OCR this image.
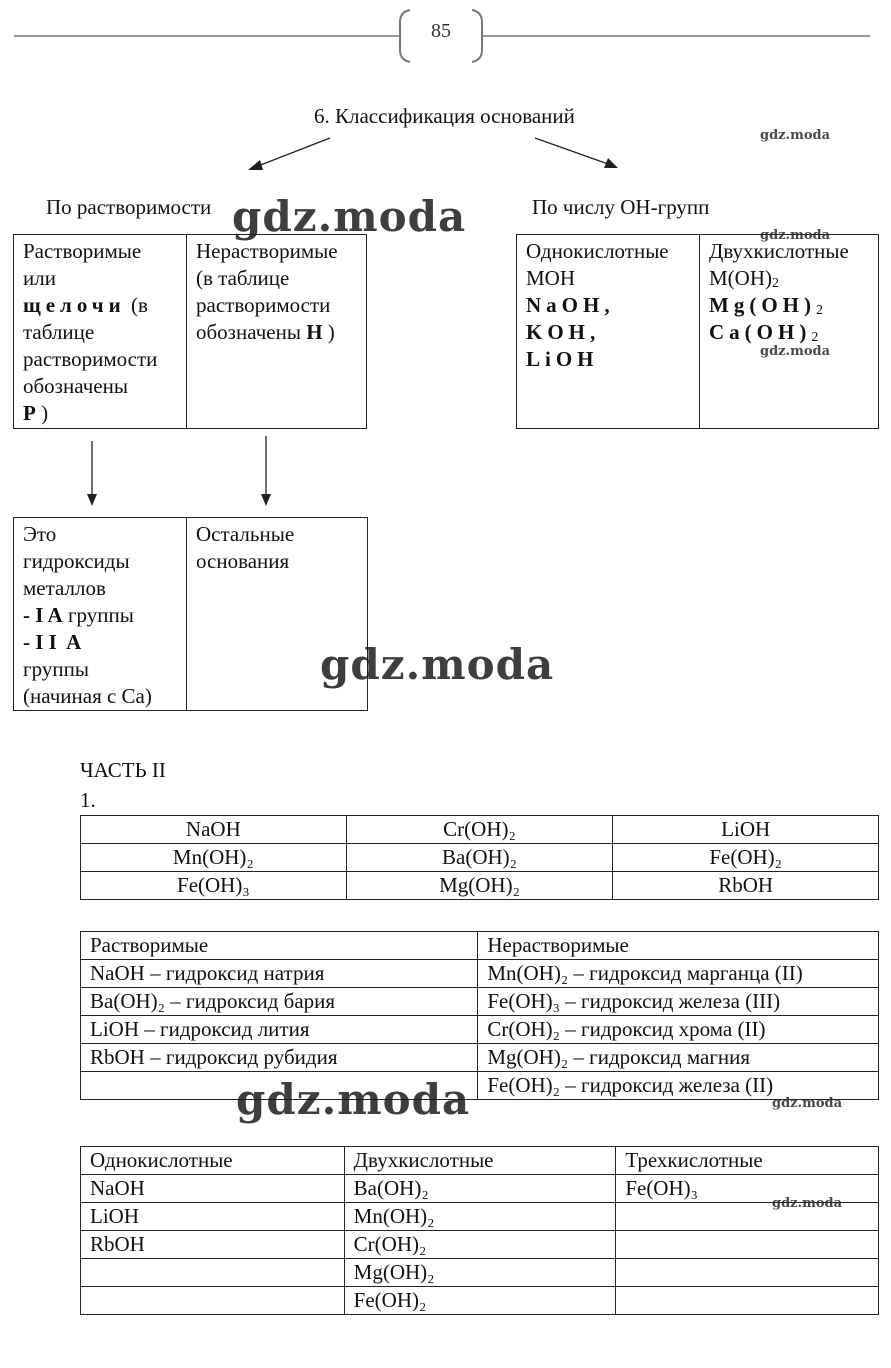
85
6. Классификация оснований
По растворимости	По числу ОН-групп
Растворимые
или
щелочи (в
таблице
растворимости
обозначены
Р )
Нерастворимые
(в таблице
растворимости
обозначены Н )
Однокислотные
МОН
NaOH,
KOH,
LiOH
Двухкислотные
$М(ОН)_2$
$Mg(OH)_2$
$Ca(OH)_2$
Это
гидроксиды
металлов
- I A группы
- I I  A
группы
(начиная с Са)
Остальные
основания
ЧАСТЬ II
1.
NaOH	Cr(OH)₂	LiOH
Mn(OH)₂	Ba(OH)₂	Fe(OH)₂
Fe(OH)₃	Mg(OH)₂	RbOH
Растворимые	Нерастворимые
NaOH – гидроксид натрия	Mn(OH)₂ – гидроксид марганца (II)
Ba(OH)₂ – гидроксид бария	Fe(OH)₃ – гидроксид железа (III)
LiOH – гидроксид лития	Cr(OH)₂ – гидроксид хрома (II)
RbOH – гидроксид рубидия	Mg(OH)₂ – гидроксид магния
	Fe(OH)₂ – гидроксид железа (II)
Однокислотные	Двухкислотные	Трехкислотные
NaOH	Ba(OH)₂	Fe(OH)₃
LiOH	Mn(OH)₂	
RbOH	Cr(OH)₂	
	Mg(OH)₂	
	Fe(OH)₂	
gdz.moda
gdz.moda
gdz.moda
gdz.moda
gdz.moda
gdz.moda
gdz.moda
gdz.moda
